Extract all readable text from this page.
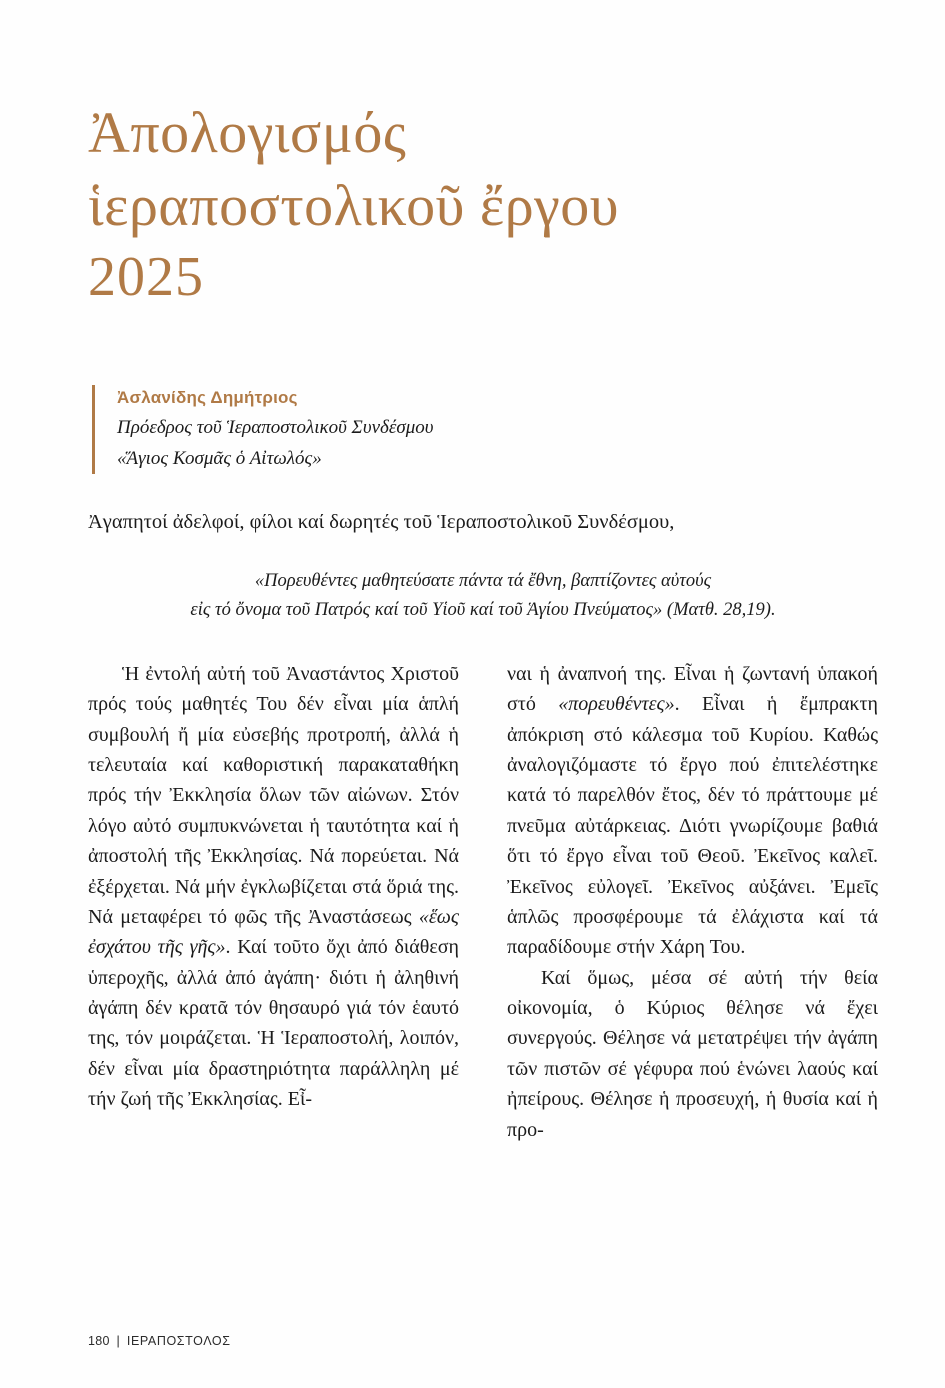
Ἀπολογισμός
ἱεραποστολικοῦ ἔργου
2025
Ἀσλανίδης Δημήτριος
Πρόεδρος τοῦ Ἱεραποστολικοῦ Συνδέσμου
«Ἅγιος Κοσμᾶς ὁ Αἰτωλός»

Ἀγαπητοί ἀδελφοί, φίλοι καί δωρητές τοῦ Ἱεραποστολικοῦ Συνδέσμου,

«Πορευθέντες μαθητεύσατε πάντα τά ἔθνη, βαπτίζοντες αὐτούς
εἰς τό ὄνομα τοῦ Πατρός καί τοῦ Υἱοῦ καί τοῦ Ἁγίου Πνεύματος» (Ματθ. 28,19).

Ἡ ἐντολή αὐτή τοῦ Ἀναστάντος Χριστοῦ πρός τούς μαθητές Του δέν εἶναι μία ἁπλή συμβουλή ἤ μία εὐσεβής προτροπή, ἀλλά ἡ τελευταία καί καθοριστική παρακαταθήκη πρός τήν Ἐκκλησία ὅλων τῶν αἰώνων. Στόν λόγο αὐτό συμπυκνώνεται ἡ ταυτότητα καί ἡ ἀποστολή τῆς Ἐκκλησίας. Νά πορεύεται. Νά ἐξέρχεται. Νά μήν ἐγκλωβίζεται στά ὅριά της. Νά μεταφέρει τό φῶς τῆς Ἀναστάσεως «ἕως ἐσχάτου τῆς γῆς». Καί τοῦτο ὄχι ἀπό διάθεση ὑπεροχῆς, ἀλλά ἀπό ἀγάπη· διότι ἡ ἀληθινή ἀγάπη δέν κρατᾶ τόν θησαυρό γιά τόν ἑαυτό της, τόν μοιράζεται. Ἡ Ἱεραποστολή, λοιπόν, δέν εἶναι μία δραστηριότητα παράλληλη μέ τήν ζωή τῆς Ἐκκλησίας. Εἶ-

ναι ἡ ἀναπνοή της. Εἶναι ἡ ζωντανή ὑπακοή στό «πορευθέντες». Εἶναι ἡ ἔμπρακτη ἀπόκριση στό κάλεσμα τοῦ Κυρίου. Καθώς ἀναλογιζόμαστε τό ἔργο πού ἐπιτελέστηκε κατά τό παρελθόν ἔτος, δέν τό πράττουμε μέ πνεῦμα αὐτάρκειας. Διότι γνωρίζουμε βαθιά ὅτι τό ἔργο εἶναι τοῦ Θεοῦ. Ἐκεῖνος καλεῖ. Ἐκεῖνος εὐλογεῖ. Ἐκεῖνος αὐξάνει. Ἐμεῖς ἁπλῶς προσφέρουμε τά ἐλάχιστα καί τά παραδίδουμε στήν Χάρη Του.

Καί ὅμως, μέσα σέ αὐτή τήν θεία οἰκονομία, ὁ Κύριος θέλησε νά ἔχει συνεργούς. Θέλησε νά μετατρέψει τήν ἀγάπη τῶν πιστῶν σέ γέφυρα πού ἑνώνει λαούς καί ἠπείρους. Θέλησε ἡ προσευχή, ἡ θυσία καί ἡ προ-

180 | ΙΕΡΑΠΟΣΤΟΛΟΣ
